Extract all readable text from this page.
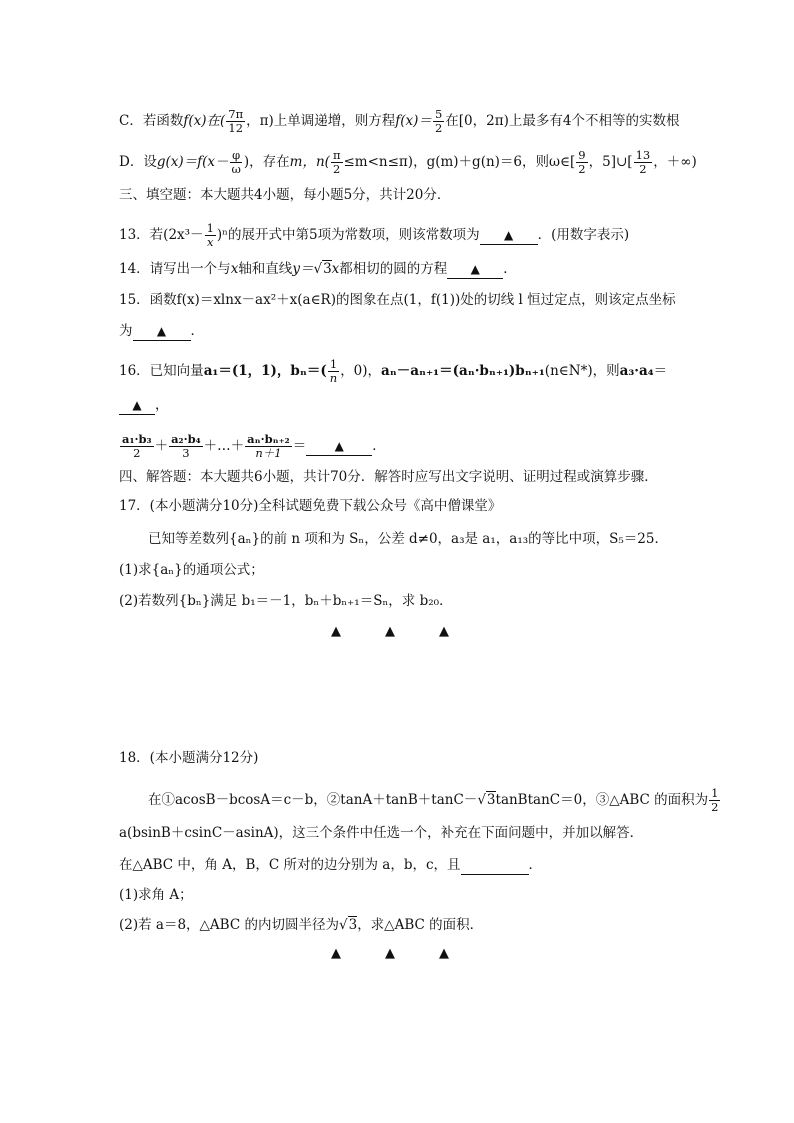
C．若函数f(x)在( $\frac{7\pi}{12}$ ，π)上单调递增，则方程$f(x)= \frac{5}{2}$ 在[0，2π)上最多有4个不相等的实数根
D．设$g(x)=f(x- \frac{\varphi}{\omega}$ )，存在m，$n( \frac{\pi}{2} \le m<n\le\pi)$，g(m)＋g(n)＝6，则ω∈[ $\frac{9}{2}$ ，5]∪[ $\frac{13}{2}$ ，＋∞)
三、填空题：本大题共4小题，每小题5分，共计20分．
13．若$(2x^3- \frac{1}{x} )^n$的展开式中第5项为常数项，则该常数项为 ▲ ．(用数字表示)
14．请写出一个与x轴和直线y＝√3x都相切的圆的方程 ▲ ．
15．函数f(x)＝xlnx－ax²＋x(a∈R)的图象在点(1，f(1))处的切线 l 恒过定点，则该定点坐标
为 ▲ ．
16．已知向量a₁＝(1，1)，$b_n=( \frac{1}{n}$ ，0)，aₙ－aₙ₊₁＝(aₙ·bₙ₊₁)bₙ₊₁(n∈N*)，则a₃·a₄＝
▲ ，
$\frac{\text{a₁·b₃}}{2} + \frac{\text{a₂·b₄}}{3}$ ＋…＋ $\frac{\text{aₙ·bₙ₊₂}}{n+1}$ ＝ ▲ ．
四、解答题：本大题共6小题，共计70分．解答时应写出文字说明、证明过程或演算步骤．
17．(本小题满分10分)全科试题免费下载公众号《高中僧课堂》
已知等差数列{aₙ}的前 n 项和为 Sₙ，公差 d≠0，a₃是 a₁，a₁₃的等比中项，S₅＝25．
(1)求{aₙ}的通项公式；
(2)若数列{bₙ}满足 b₁＝－1，bₙ＋bₙ₊₁＝Sₙ，求 b₂₀．
▲	▲	▲
18．(本小题满分12分)
在①acosB－bcosA＝c－b，②tanA＋tanB＋tanC－√3tanBtanC＝0，③△ABC 的面积为 $\frac{1}{2}$
a(bsinB＋csinC－asinA)，这三个条件中任选一个，补充在下面问题中，并加以解答．
在△ABC 中，角 A，B，C 所对的边分别为 a，b，c，且	．
(1)求角 A；
(2)若 a＝8，△ABC 的内切圆半径为√3，求△ABC 的面积．
▲	▲	▲
